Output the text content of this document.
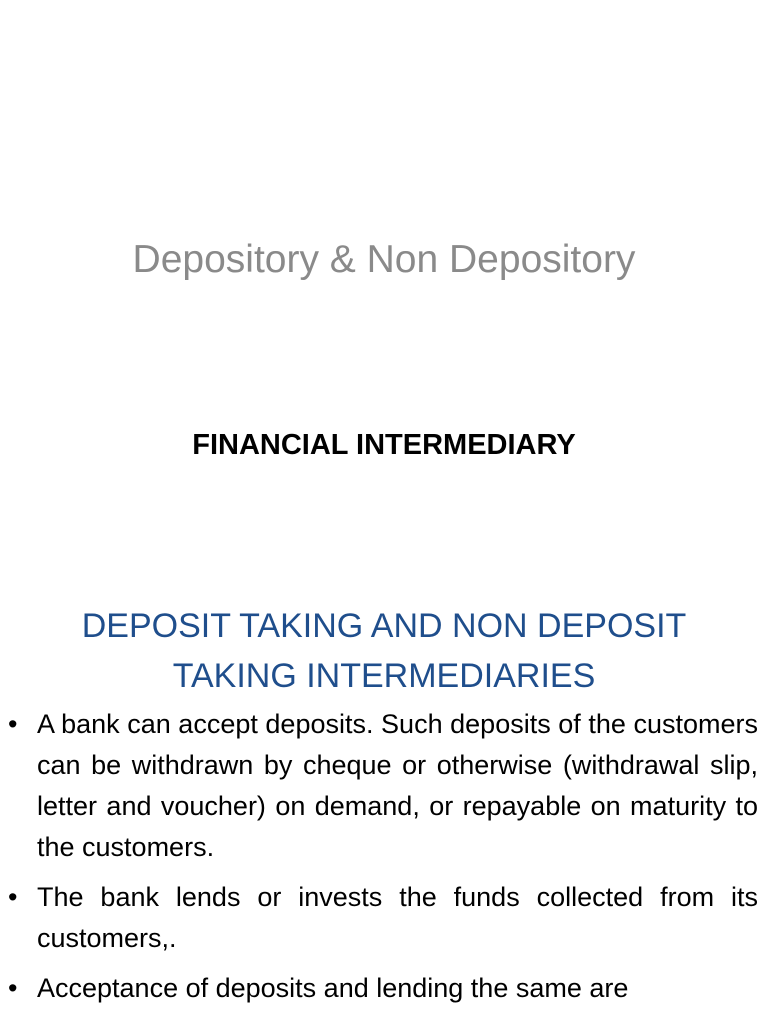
Depository & Non Depository
FINANCIAL INTERMEDIARY
DEPOSIT TAKING AND NON DEPOSIT
TAKING INTERMEDIARIES
• A bank can accept deposits. Such deposits of the customers can be withdrawn by cheque or otherwise (withdrawal slip, letter and voucher) on demand, or repayable on maturity to the customers.
• The bank lends or invests the funds collected from its customers,.
• Acceptance of deposits and lending the same are
